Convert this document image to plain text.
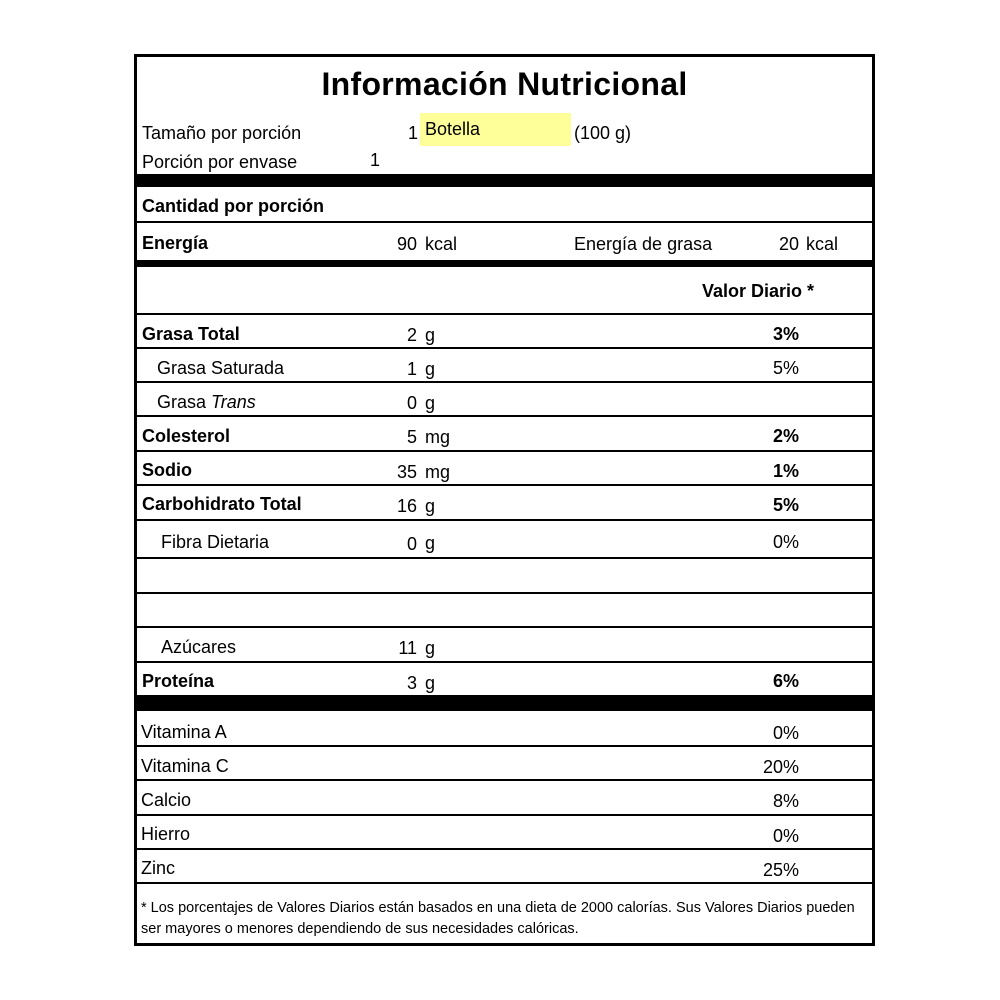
Información Nutricional
Tamaño por porción	1 Botella	(100 g)
Porción por envase	1
Cantidad por porción
Energía	90 kcal	Energía de grasa	20 kcal
Valor Diario *
Grasa Total	2 g	3%
Grasa Saturada	1 g	5%
Grasa Trans	0 g
Colesterol	5 mg	2%
Sodio	35 mg	1%
Carbohidrato Total	16 g	5%
Fibra Dietaria	0 g	0%
Azúcares	11 g
Proteína	3 g	6%
Vitamina A	0%
Vitamina C	20%
Calcio	8%
Hierro	0%
Zinc	25%
* Los porcentajes de Valores Diarios están basados en una dieta de 2000 calorías. Sus Valores Diarios pueden ser mayores o menores dependiendo de sus necesidades calóricas.
